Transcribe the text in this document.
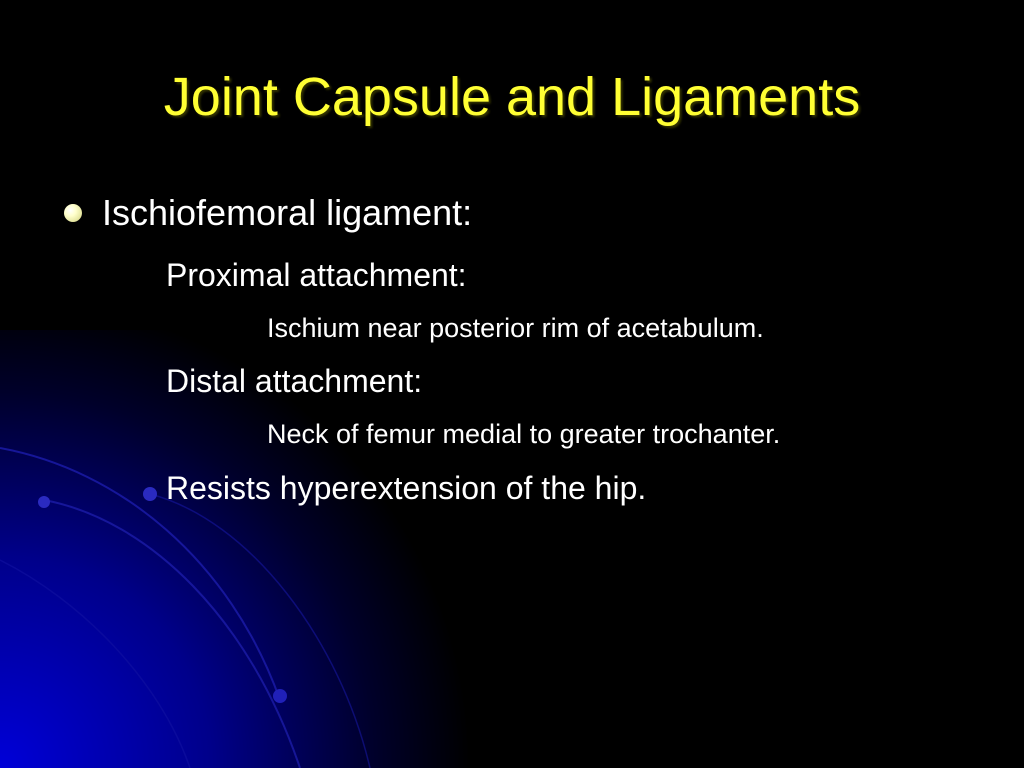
Joint Capsule and Ligaments
Ischiofemoral ligament:
Proximal attachment:
Ischium near posterior rim of acetabulum.
Distal attachment:
Neck of femur medial to greater trochanter.
Resists hyperextension of the hip.
